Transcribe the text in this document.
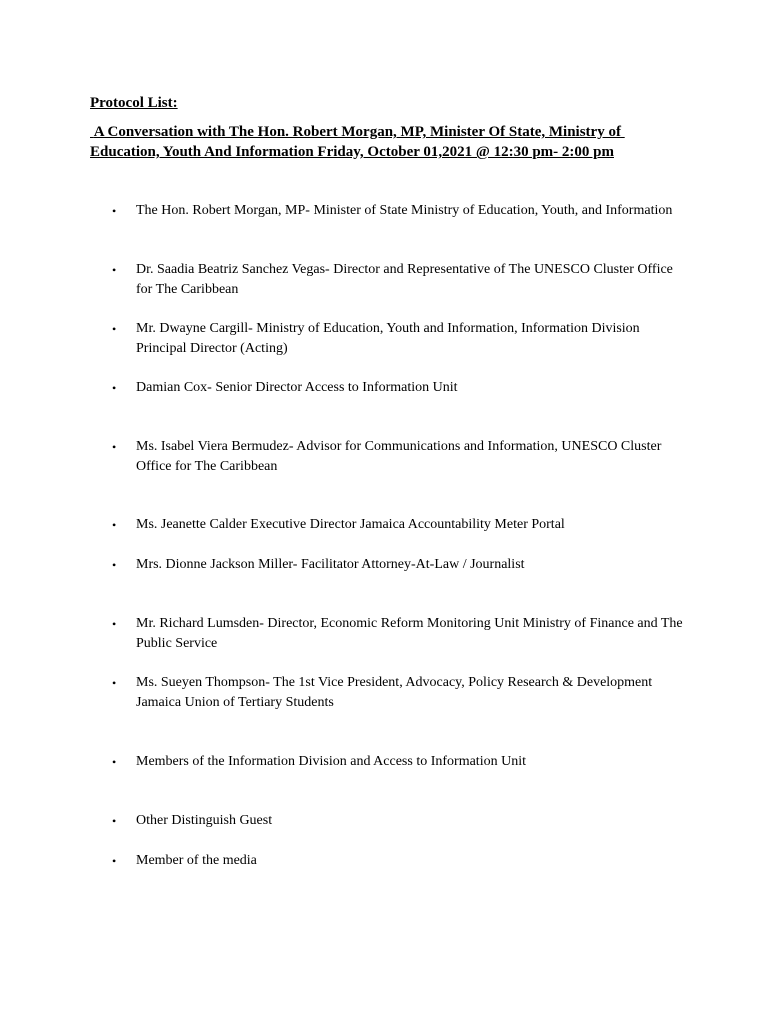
Protocol List:
A Conversation with The Hon. Robert Morgan, MP, Minister Of State, Ministry of Education, Youth And Information Friday, October 01,2021 @ 12:30 pm- 2:00 pm
•	The Hon. Robert Morgan, MP- Minister of State Ministry of Education, Youth, and Information
•	Dr. Saadia Beatriz Sanchez Vegas- Director and Representative of The UNESCO Cluster Office for The Caribbean
•	Mr. Dwayne Cargill- Ministry of Education, Youth and Information, Information Division Principal Director (Acting)
•	Damian Cox- Senior Director Access to Information Unit
•	Ms. Isabel Viera Bermudez- Advisor for Communications and Information, UNESCO Cluster Office for The Caribbean
•	Ms. Jeanette Calder Executive Director Jamaica Accountability Meter Portal
•	Mrs. Dionne Jackson Miller- Facilitator Attorney-At-Law / Journalist
•	Mr. Richard Lumsden- Director, Economic Reform Monitoring Unit Ministry of Finance and The Public Service
•	Ms. Sueyen Thompson- The 1st Vice President, Advocacy, Policy Research & Development Jamaica Union of Tertiary Students
•	Members of the Information Division and Access to Information Unit
•	Other Distinguish Guest
•	Member of the media
